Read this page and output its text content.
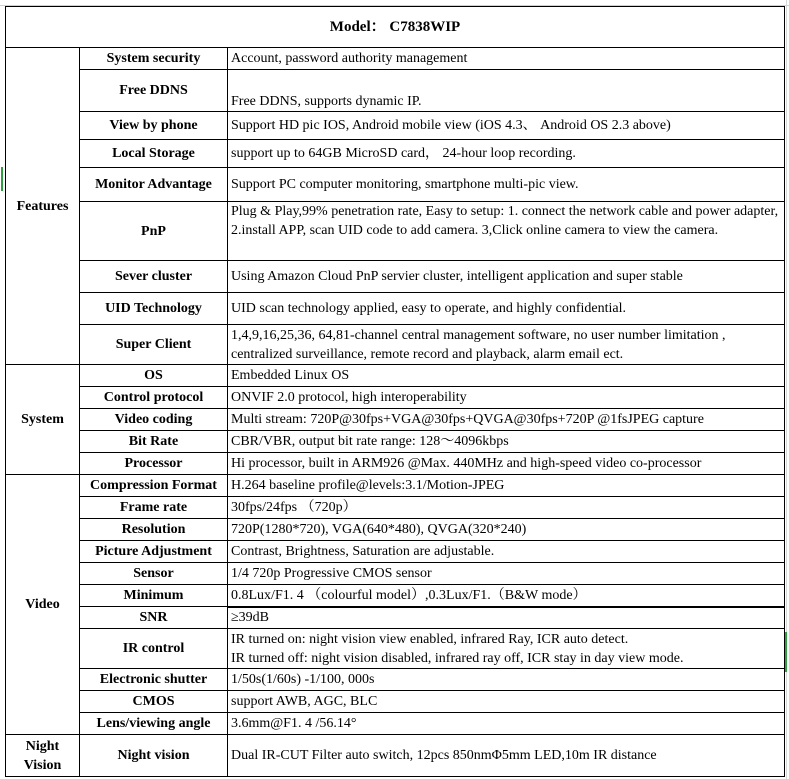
Model： C7838WIP		
Features	System security	Account, password authority management
	Free DDNS	Free DDNS, supports dynamic IP.
	View by phone	Support HD pic IOS, Android mobile view (iOS 4.3、 Android OS 2.3 above)
	Local Storage	support up to 64GB MicroSD card， 24-hour loop recording.
	Monitor Advantage	Support PC computer monitoring, smartphone multi-pic view.
	PnP	Plug & Play,99% penetration rate, Easy to setup: 1. connect the network cable and power adapter, 2.install APP, scan UID code to add camera. 3,Click online camera to view the camera.
	Sever cluster	Using Amazon Cloud PnP servier cluster, intelligent application and super stable
	UID Technology	UID scan technology applied, easy to operate, and highly confidential.
	Super Client	1,4,9,16,25,36, 64,81-channel central management software, no user number limitation , centralized surveillance, remote record and playback, alarm email ect.
System	OS	Embedded Linux OS
	Control protocol	ONVIF 2.0 protocol, high interoperability
	Video coding	Multi stream: 720P@30fps+VGA@30fps+QVGA@30fps+720P @1fsJPEG capture
	Bit Rate	CBR/VBR, output bit rate range: 128～4096kbps
	Processor	Hi processor, built in ARM926 @Max. 440MHz and high-speed video co-processor
Video	Compression Format	H.264 baseline profile@levels:3.1/Motion-JPEG
	Frame rate	30fps/24fps （720p）
	Resolution	720P(1280*720), VGA(640*480), QVGA(320*240)
	Picture Adjustment	Contrast, Brightness, Saturation are adjustable.
	Sensor	1/4 720p Progressive CMOS sensor
	Minimum	0.8Lux/F1. 4 （colourful model）,0.3Lux/F1.（B&W mode）
	SNR	≥39dB
	IR control	IR turned on: night vision view enabled, infrared Ray, ICR auto detect.
IR turned off: night vision disabled, infrared ray off, ICR stay in day view mode.

	Electronic shutter	1/50s(1/60s) -1/100, 000s
	CMOS	support AWB, AGC, BLC
	Lens/viewing angle	3.6mm@F1. 4 /56.14°
Night Vision	Night vision	Dual IR-CUT Filter auto switch, 12pcs 850nmΦ5mm LED,10m IR distance
